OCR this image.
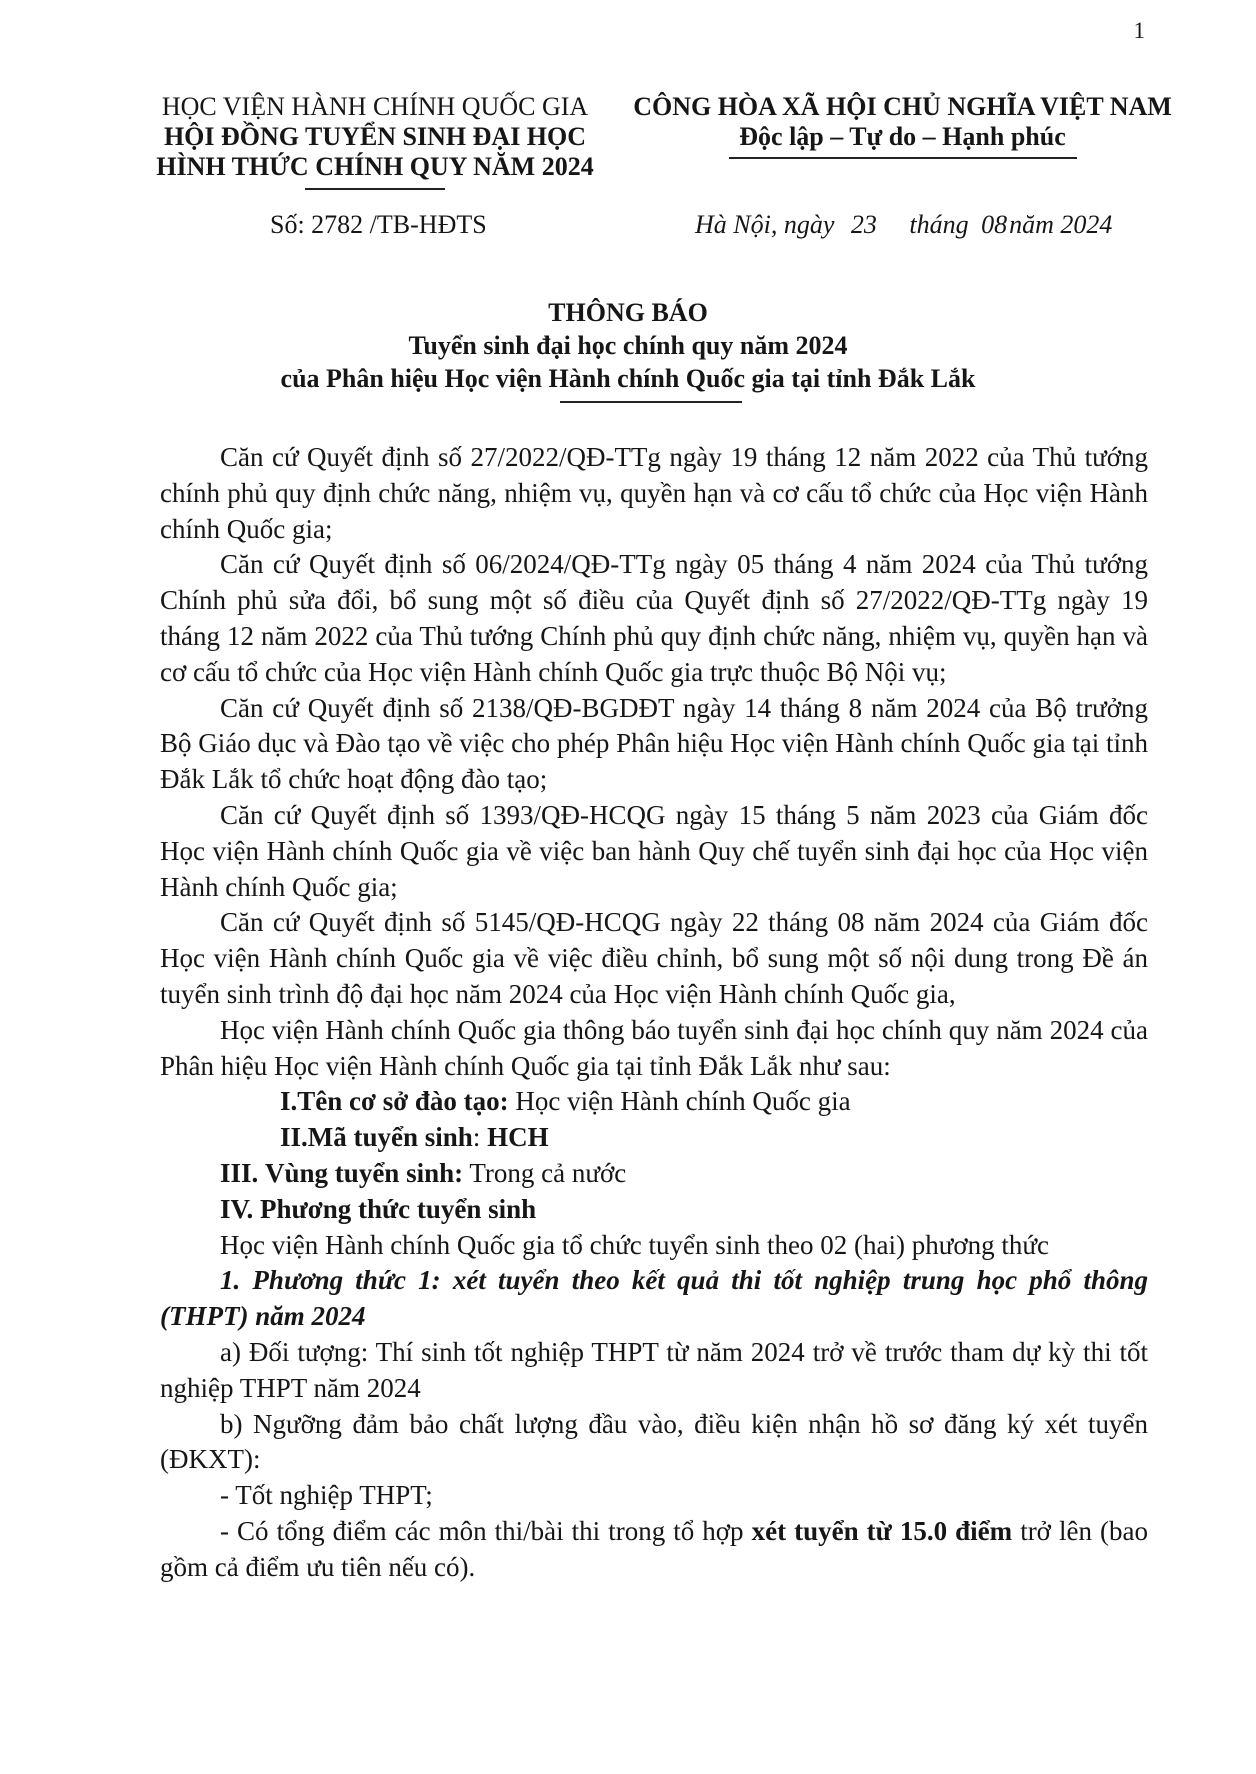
1
HỌC VIỆN HÀNH CHÍNH QUỐC GIA
HỘI ĐỒNG TUYỂN SINH ĐẠI HỌC
HÌNH THỨC CHÍNH QUY NĂM 2024
CÔNG HÒA XÃ HỘI CHỦ NGHĨA VIỆT NAM
Độc lập – Tự do – Hạnh phúc
Số: 2782 /TB-HĐTS	Hà Nội, ngày 23 tháng 08năm 2024
THÔNG BÁO
Tuyển sinh đại học chính quy năm 2024
của Phân hiệu Học viện Hành chính Quốc gia tại tỉnh Đắk Lắk

Căn cứ Quyết định số 27/2022/QĐ-TTg ngày 19 tháng 12 năm 2022 của Thủ tướng chính phủ quy định chức năng, nhiệm vụ, quyền hạn và cơ cấu tổ chức của Học viện Hành chính Quốc gia;

Căn cứ Quyết định số 06/2024/QĐ-TTg ngày 05 tháng 4 năm 2024 của Thủ tướng Chính phủ sửa đổi, bổ sung một số điều của Quyết định số 27/2022/QĐ-TTg ngày 19 tháng 12 năm 2022 của Thủ tướng Chính phủ quy định chức năng, nhiệm vụ, quyền hạn và cơ cấu tổ chức của Học viện Hành chính Quốc gia trực thuộc Bộ Nội vụ;

Căn cứ Quyết định số 2138/QĐ-BGDĐT ngày 14 tháng 8 năm 2024 của Bộ trưởng Bộ Giáo dục và Đào tạo về việc cho phép Phân hiệu Học viện Hành chính Quốc gia tại tỉnh Đắk Lắk tổ chức hoạt động đào tạo;

Căn cứ Quyết định số 1393/QĐ-HCQG ngày 15 tháng 5 năm 2023 của Giám đốc Học viện Hành chính Quốc gia về việc ban hành Quy chế tuyển sinh đại học của Học viện Hành chính Quốc gia;

Căn cứ Quyết định số 5145/QĐ-HCQG ngày 22 tháng 08 năm 2024 của Giám đốc Học viện Hành chính Quốc gia về việc điều chỉnh, bổ sung một số nội dung trong Đề án tuyển sinh trình độ đại học năm 2024 của Học viện Hành chính Quốc gia,

Học viện Hành chính Quốc gia thông báo tuyển sinh đại học chính quy năm 2024 của Phân hiệu Học viện Hành chính Quốc gia tại tỉnh Đắk Lắk như sau:

I.Tên cơ sở đào tạo: Học viện Hành chính Quốc gia

II.Mã tuyển sinh: HCH

III. Vùng tuyển sinh: Trong cả nước

IV. Phương thức tuyển sinh

Học viện Hành chính Quốc gia tổ chức tuyển sinh theo 02 (hai) phương thức

1. Phương thức 1: xét tuyển theo kết quả thi tốt nghiệp trung học phổ thông (THPT) năm 2024

a) Đối tượng: Thí sinh tốt nghiệp THPT từ năm 2024 trở về trước tham dự kỳ thi tốt nghiệp THPT năm 2024

b) Ngưỡng đảm bảo chất lượng đầu vào, điều kiện nhận hồ sơ đăng ký xét tuyển (ĐKXT):

- Tốt nghiệp THPT;

- Có tổng điểm các môn thi/bài thi trong tổ hợp xét tuyển từ 15.0 điểm trở lên (bao gồm cả điểm ưu tiên nếu có).
